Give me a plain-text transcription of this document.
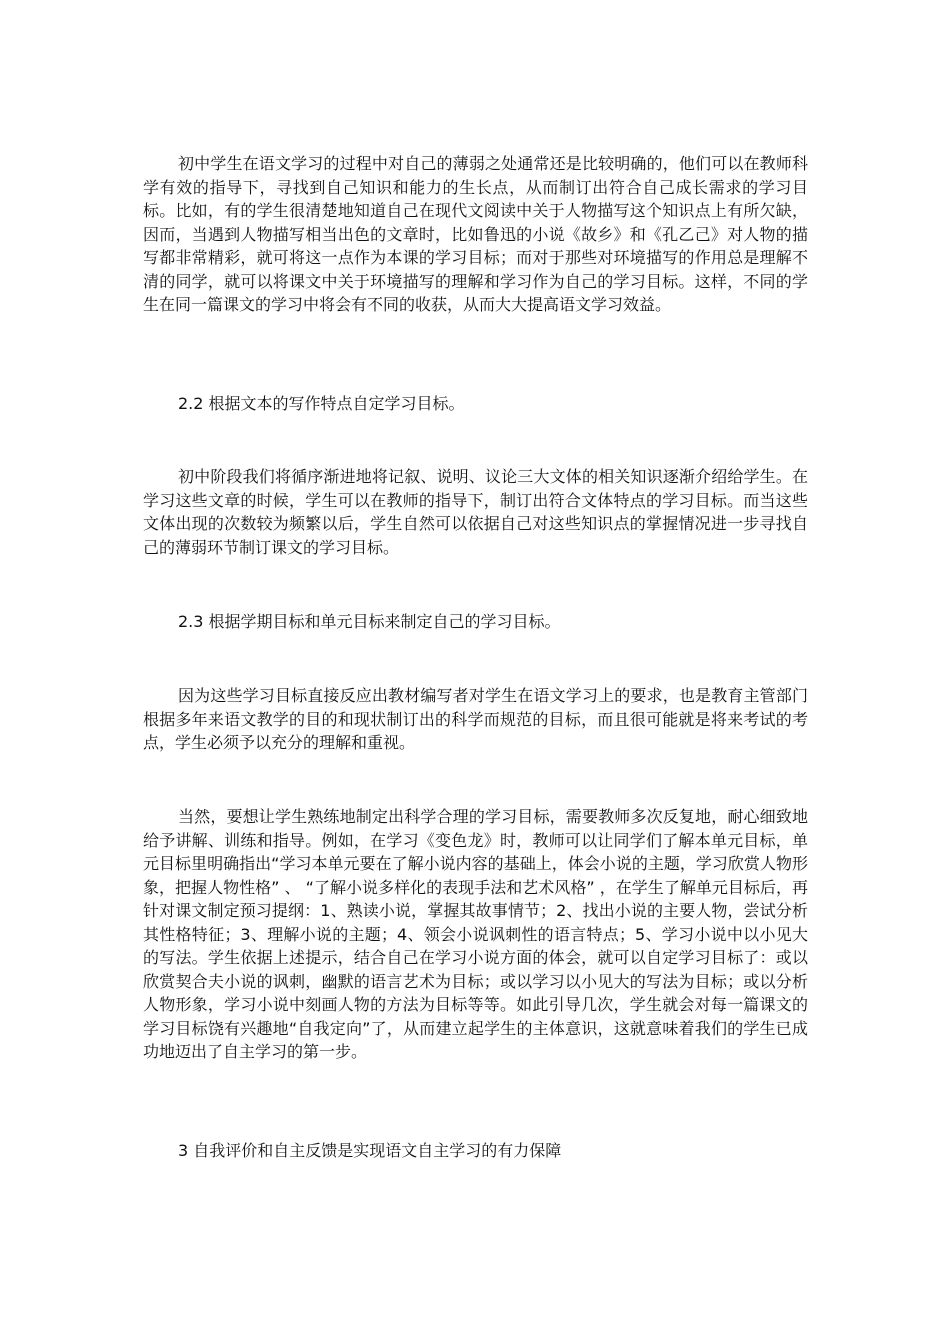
初中学生在语文学习的过程中对自己的薄弱之处通常还是比较明确的，他们可以在教师科学有效的指导下，寻找到自己知识和能力的生长点，从而制订出符合自己成长需求的学习目标。比如，有的学生很清楚地知道自己在现代文阅读中关于人物描写这个知识点上有所欠缺，因而，当遇到人物描写相当出色的文章时，比如鲁迅的小说《故乡》和《孔乙己》对人物的描写都非常精彩，就可将这一点作为本课的学习目标；而对于那些对环境描写的作用总是理解不清的同学，就可以将课文中关于环境描写的理解和学习作为自己的学习目标。这样，不同的学生在同一篇课文的学习中将会有不同的收获，从而大大提高语文学习效益。

2.2 根据文本的写作特点自定学习目标。

初中阶段我们将循序渐进地将记叙、说明、议论三大文体的相关知识逐渐介绍给学生。在学习这些文章的时候，学生可以在教师的指导下，制订出符合文体特点的学习目标。而当这些文体出现的次数较为频繁以后，学生自然可以依据自己对这些知识点的掌握情况进一步寻找自己的薄弱环节制订课文的学习目标。

2.3 根据学期目标和单元目标来制定自己的学习目标。

因为这些学习目标直接反应出教材编写者对学生在语文学习上的要求，也是教育主管部门根据多年来语文教学的目的和现状制订出的科学而规范的目标，而且很可能就是将来考试的考点，学生必须予以充分的理解和重视。

当然，要想让学生熟练地制定出科学合理的学习目标，需要教师多次反复地，耐心细致地给予讲解、训练和指导。例如，在学习《变色龙》时，教师可以让同学们了解本单元目标，单元目标里明确指出“学习本单元要在了解小说内容的基础上，体会小说的主题，学习欣赏人物形象，把握人物性格” 、 “了解小说多样化的表现手法和艺术风格” ，在学生了解单元目标后，再针对课文制定预习提纲：1、熟读小说，掌握其故事情节；2、找出小说的主要人物，尝试分析其性格特征；3、理解小说的主题；4、领会小说讽刺性的语言特点；5、学习小说中以小见大的写法。学生依据上述提示，结合自己在学习小说方面的体会，就可以自定学习目标了：或以欣赏契合夫小说的讽刺，幽默的语言艺术为目标；或以学习以小见大的写法为目标；或以分析人物形象，学习小说中刻画人物的方法为目标等等。如此引导几次，学生就会对每一篇课文的学习目标饶有兴趣地“自我定向”了，从而建立起学生的主体意识，这就意味着我们的学生已成功地迈出了自主学习的第一步。

3 自我评价和自主反馈是实现语文自主学习的有力保障
